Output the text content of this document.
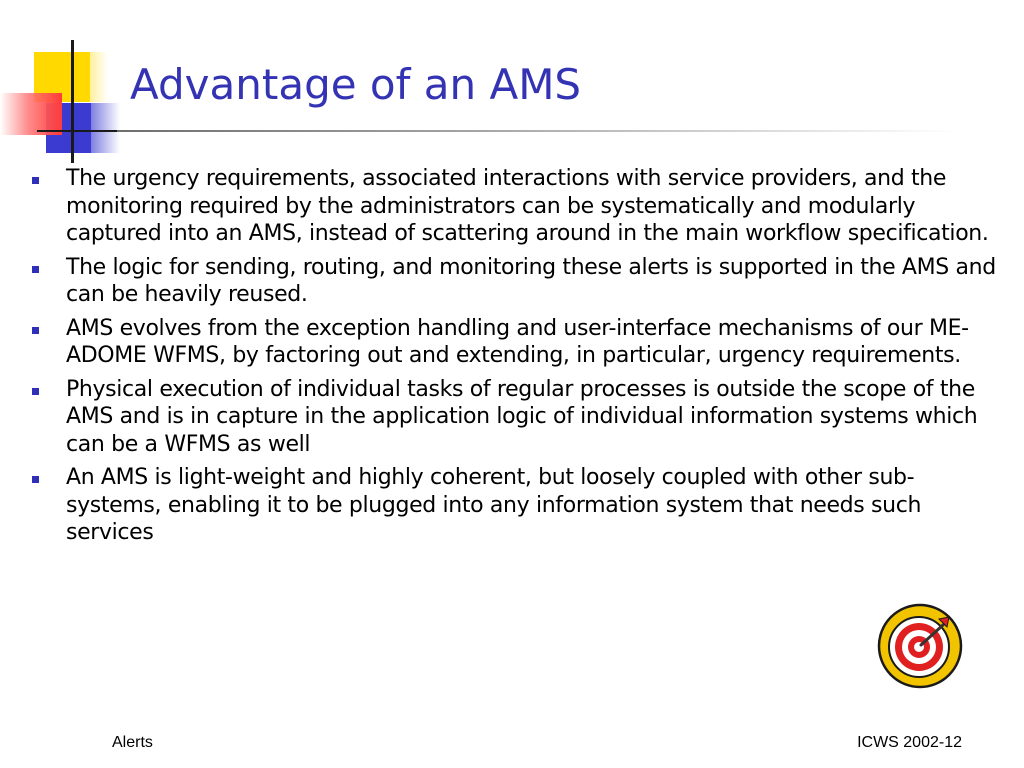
Advantage of an AMS
The urgency requirements, associated interactions with service providers, and the monitoring required by the administrators can be systematically and modularly captured into an AMS, instead of scattering around in the main workflow specification.
The logic for sending, routing, and monitoring these alerts is supported in the AMS and can be heavily reused.
AMS evolves from the exception handling and user-interface mechanisms of our ME-ADOME WFMS, by factoring out and extending, in particular, urgency requirements.
Physical execution of individual tasks of regular processes is outside the scope of the AMS and is in capture in the application logic of individual information systems which can be a WFMS as well
An AMS is light-weight and highly coherent, but loosely coupled with other sub-systems, enabling it to be plugged into any information system that needs such services
Alerts	ICWS 2002-12
